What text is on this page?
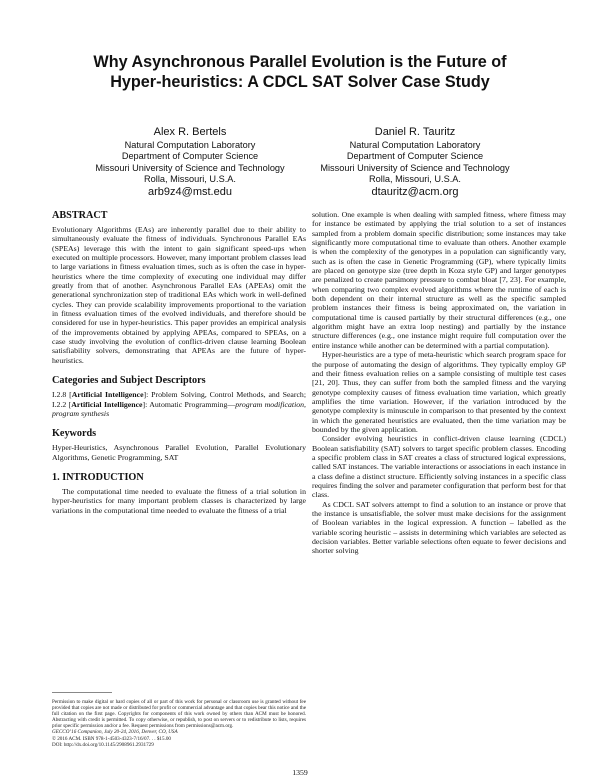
Why Asynchronous Parallel Evolution is the Future of
Hyper-heuristics: A CDCL SAT Solver Case Study
Alex R. Bertels
Natural Computation Laboratory
Department of Computer Science
Missouri University of Science and Technology
Rolla, Missouri, U.S.A.
arb9z4@mst.edu
Daniel R. Tauritz
Natural Computation Laboratory
Department of Computer Science
Missouri University of Science and Technology
Rolla, Missouri, U.S.A.
dtauritz@acm.org
ABSTRACT

Evolutionary Algorithms (EAs) are inherently parallel due to their ability to simultaneously evaluate the fitness of individuals. Synchronous Parallel EAs (SPEAs) leverage this with the intent to gain significant speed-ups when executed on multiple processors. However, many important problem classes lead to large variations in fitness evaluation times, such as is often the case in hyper-heuristics where the time complexity of executing one individual may differ greatly from that of another. Asynchronous Parallel EAs (APEAs) omit the generational synchronization step of traditional EAs which work in well-defined cycles. They can provide scalability improvements proportional to the variation in fitness evaluation times of the evolved individuals, and therefore should be considered for use in hyper-heuristics. This paper provides an empirical analysis of the improvements obtained by applying APEAs, compared to SPEAs, on a case study involving the evolution of conflict-driven clause learning Boolean satisfiability solvers, demonstrating that APEAs are the future of hyper-heuristics.

Categories and Subject Descriptors

I.2.8 [Artificial Intelligence]: Problem Solving, Control Methods, and Search; I.2.2 [Artificial Intelligence]: Automatic Programming—program modification, program synthesis

Keywords

Hyper-Heuristics, Asynchronous Parallel Evolution, Parallel Evolutionary Algorithms, Genetic Programming, SAT

1. INTRODUCTION

The computational time needed to evaluate the fitness of a trial solution in hyper-heuristics for many important problem classes is characterized by large variations in the computational time needed to evaluate the fitness of a trial

Permission to make digital or hard copies of all or part of this work for personal or classroom use is granted without fee provided that copies are not made or distributed for profit or commercial advantage and that copies bear this notice and the full citation on the first page. Copyrights for components of this work owned by others than ACM must be honored. Abstracting with credit is permitted. To copy otherwise, or republish, to post on servers or to redistribute to lists, requires prior specific permission and/or a fee. Request permissions from permissions@acm.org.
GECCO’16 Companion, July 20-24, 2016, Denver, CO, USA
© 2016 ACM. ISBN 978-1-4503-4323-7/16/07. . . $15.00
DOI: http://dx.doi.org/10.1145/2908961.2931729

solution. One example is when dealing with sampled fitness, where fitness may for instance be estimated by applying the trial solution to a set of instances sampled from a problem domain specific distribution; some instances may take significantly more computational time to evaluate than others. Another example is when the complexity of the genotypes in a population can significantly vary, such as is often the case in Genetic Programming (GP), where typically limits are placed on genotype size (tree depth in Koza style GP) and larger genotypes are penalized to create parsimony pressure to combat bloat [7, 23]. For example, when comparing two complex evolved algorithms where the runtime of each is both dependent on their internal structure as well as the specific sampled problem instances their fitness is being approximated on, the variation in computational time is caused partially by their structural differences (e.g., one algorithm might have an extra loop nesting) and partially by the instance structure differences (e.g., one instance might require full computation over the entire instance while another can be determined with a partial computation).

Hyper-heuristics are a type of meta-heuristic which search program space for the purpose of automating the design of algorithms. They typically employ GP and their fitness evaluation relies on a sample consisting of multiple test cases [21, 20]. Thus, they can suffer from both the sampled fitness and the varying genotype complexity causes of fitness evaluation time variation, which greatly amplifies the time variation. However, if the variation introduced by the genotype complexity is minuscule in comparison to that presented by the context in which the generated heuristics are evaluated, then the time variation may be bounded by the given application.

Consider evolving heuristics in conflict-driven clause learning (CDCL) Boolean satisfiability (SAT) solvers to target specific problem classes. Encoding a specific problem class in SAT creates a class of structured logical expressions, called SAT instances. The variable interactions or associations in each instance in a class define a distinct structure. Efficiently solving instances in a specific class requires finding the solver and parameter configuration that perform best for that class.

As CDCL SAT solvers attempt to find a solution to an instance or prove that the instance is unsatisfiable, the solver must make decisions for the assignment of Boolean variables in the logical expression. A function – labelled as the variable scoring heuristic – assists in determining which variables are selected as decision variables. Better variable selections often equate to fewer decisions and shorter solving

1359
